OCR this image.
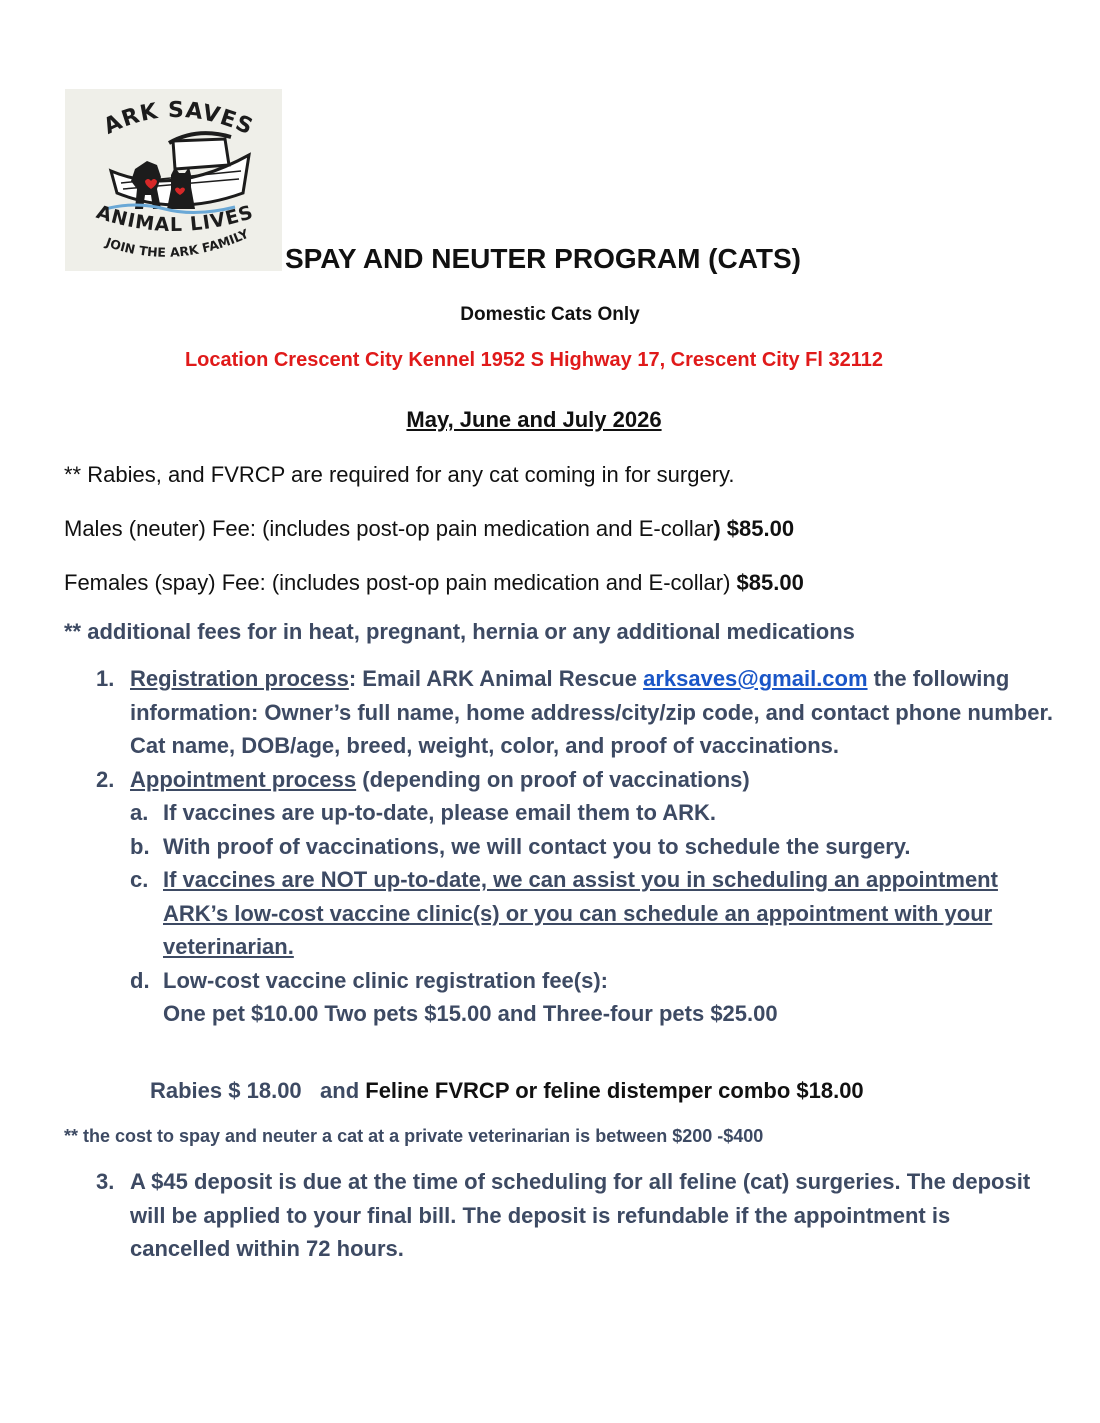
ARK SAVES
ANIMAL LIVES
JOIN THE ARK FAMILY
SPAY AND NEUTER PROGRAM (CATS)
Domestic Cats Only
Location Crescent City Kennel 1952 S Highway 17, Crescent City Fl 32112
May, June and July 2026
** Rabies, and FVRCP are required for any cat coming in for surgery.
Males (neuter) Fee: (includes post-op pain medication and E-collar) $85.00
Females (spay) Fee: (includes post-op pain medication and E-collar) $85.00
** additional fees for in heat, pregnant, hernia or any additional medications
1. Registration process: Email ARK Animal Rescue arksaves@gmail.com the following information: Owner’s full name, home address/city/zip code, and contact phone number. Cat name, DOB/age, breed, weight, color, and proof of vaccinations.
2. Appointment process (depending on proof of vaccinations)
a. If vaccines are up-to-date, please email them to ARK.
b. With proof of vaccinations, we will contact you to schedule the surgery.
c. If vaccines are NOT up-to-date, we can assist you in scheduling an appointment ARK’s low-cost vaccine clinic(s) or you can schedule an appointment with your veterinarian.
d. Low-cost vaccine clinic registration fee(s):
One pet $10.00 Two pets $15.00 and Three-four pets $25.00
Rabies $ 18.00 and Feline FVRCP or feline distemper combo $18.00
** the cost to spay and neuter a cat at a private veterinarian is between $200 -$400
3. A $45 deposit is due at the time of scheduling for all feline (cat) surgeries. The deposit will be applied to your final bill. The deposit is refundable if the appointment is cancelled within 72 hours.
